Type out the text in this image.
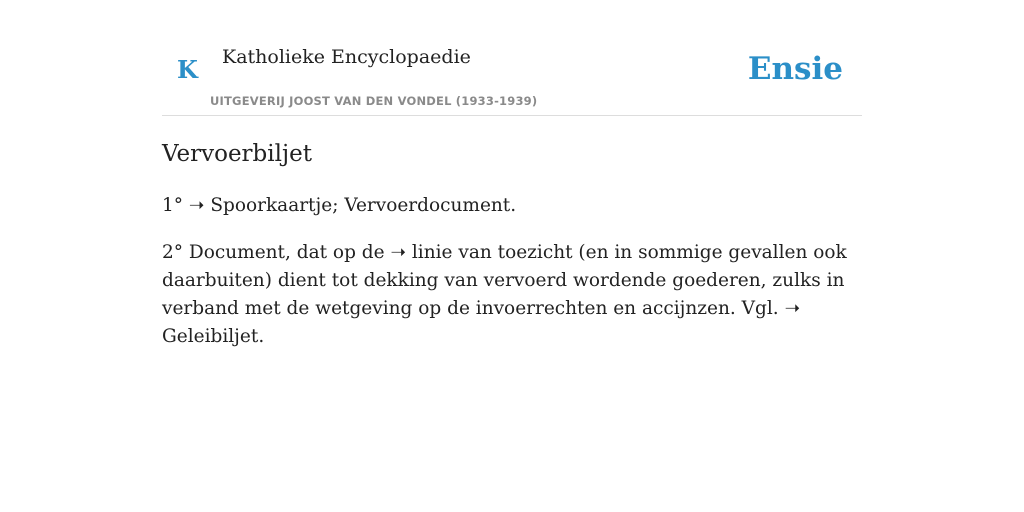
K Katholieke Encyclopaedie
UITGEVERIJ JOOST VAN DEN VONDEL (1933-1939)
Ensie
Vervoerbiljet

1° ➝ Spoorkaartje; Vervoerdocument.

2° Document, dat op de ➝ linie van toezicht (en in sommige gevallen ook daarbuiten) dient tot dekking van vervoerd wordende goederen, zulks in verband met de wetgeving op de invoerrechten en accijnzen. Vgl. ➝ Geleibiljet.
